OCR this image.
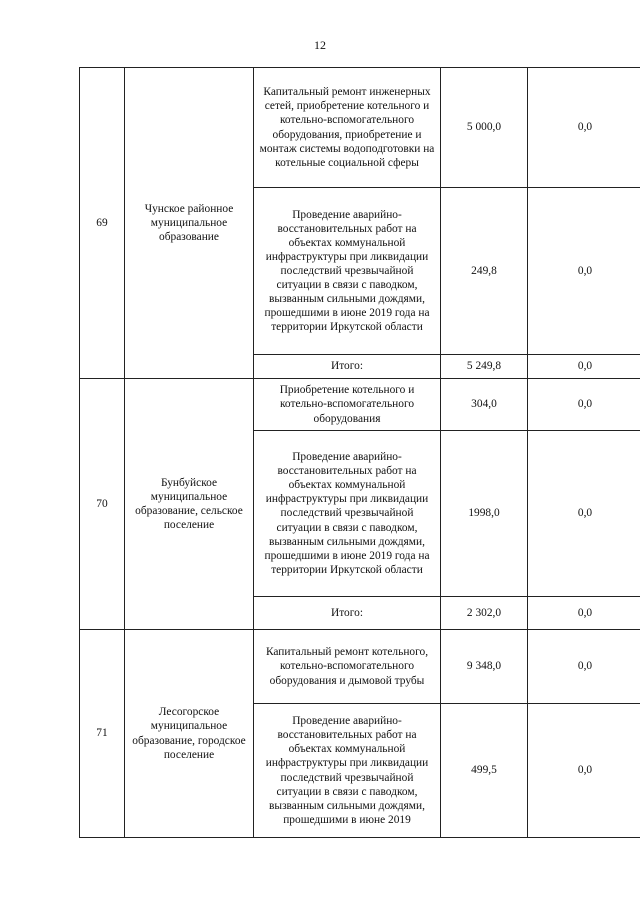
12
69	Чунское районное муниципальное образование	Капитальный ремонт инженерных сетей, приобретение котельного и котельно-вспомогательного оборудования, приобретение и монтаж системы водоподготовки на котельные социальной сферы	5 000,0	0,0
		Проведение аварийно-восстановительных работ на объектах коммунальной инфраструктуры при ликвидации последствий чрезвычайной ситуации в связи с паводком, вызванным сильными дождями, прошедшими в июне 2019 года на территории Иркутской области	249,8	0,0
		Итого:	5 249,8	0,0
70	Бунбуйское муниципальное образование, сельское поселение	Приобретение котельного и котельно-вспомогательного оборудования	304,0	0,0
		Проведение аварийно-восстановительных работ на объектах коммунальной инфраструктуры при ликвидации последствий чрезвычайной ситуации в связи с паводком, вызванным сильными дождями, прошедшими в июне 2019 года на территории Иркутской области	1998,0	0,0
		Итого:	2 302,0	0,0
71	Лесогорское муниципальное образование, городское поселение	Капитальный ремонт котельного, котельно-вспомогательного оборудования и дымовой трубы	9 348,0	0,0
		Проведение аварийно-восстановительных работ на объектах коммунальной инфраструктуры при ликвидации последствий чрезвычайной ситуации в связи с паводком, вызванным сильными дождями, прошедшими в июне 2019	499,5	0,0
